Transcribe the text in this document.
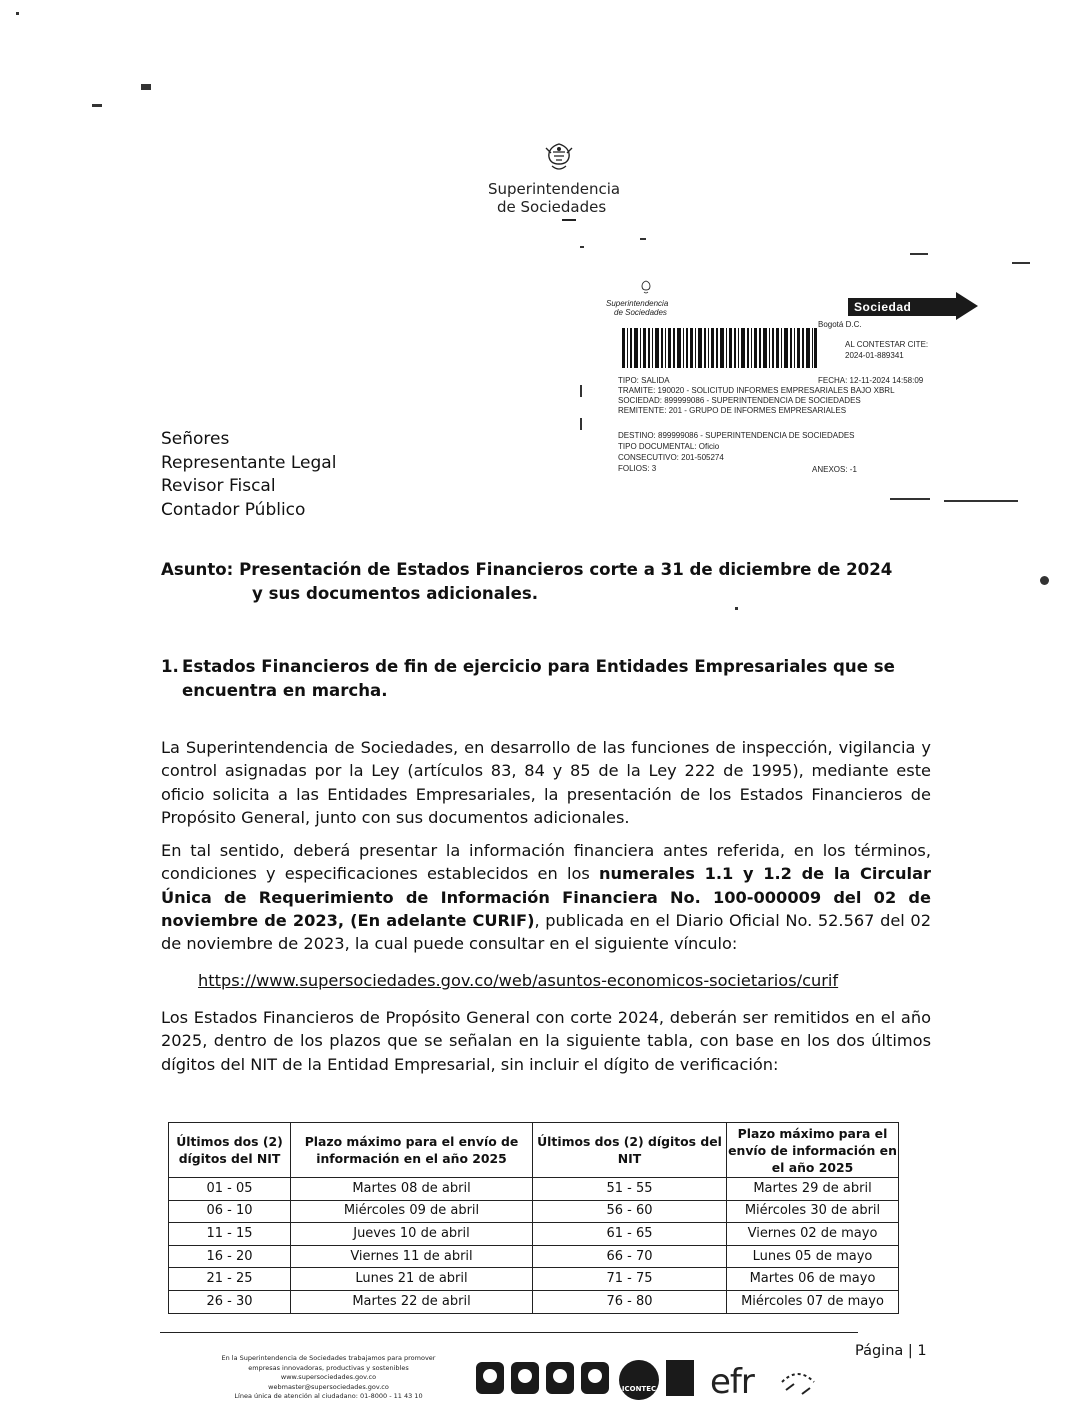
Superintendencia
de Sociedades
Superintendencia
de Sociedades	Sociedad SALIDA
Bogotá D.C.
AL CONTESTAR CITE:
2024-01-889341
TIPO: SALIDA	FECHA: 12-11-2024 14:58:09
TRAMITE: 190020 - SOLICITUD INFORMES EMPRESARIALES BAJO XBRL
SOCIEDAD: 899999086 - SUPERINTENDENCIA DE SOCIEDADES
REMITENTE: 201 - GRUPO DE INFORMES EMPRESARIALES
DESTINO: 899999086 - SUPERINTENDENCIA DE SOCIEDADES
TIPO DOCUMENTAL: Oficio
CONSECUTIVO: 201-505274
FOLIOS: 3	ANEXOS: -1
Señores
Representante Legal
Revisor Fiscal
Contador Público
Asunto: Presentación de Estados Financieros corte a 31 de diciembre de 2024
y sus documentos adicionales.
1. Estados Financieros de fin de ejercicio para Entidades Empresariales que se
encuentra en marcha.
La Superintendencia de Sociedades, en desarrollo de las funciones de inspección, vigilancia y control asignadas por la Ley (artículos 83, 84 y 85 de la Ley 222 de 1995), mediante este oficio solicita a las Entidades Empresariales, la presentación de los Estados Financieros de Propósito General, junto con sus documentos adicionales.
En tal sentido, deberá presentar la información financiera antes referida, en los términos, condiciones y especificaciones establecidos en los numerales 1.1 y 1.2 de la Circular Única de Requerimiento de Información Financiera No. 100-000009 del 02 de noviembre de 2023, (En adelante CURIF), publicada en el Diario Oficial No. 52.567 del 02 de noviembre de 2023, la cual puede consultar en el siguiente vínculo:
https://www.supersociedades.gov.co/web/asuntos-economicos-societarios/curif
Los Estados Financieros de Propósito General con corte 2024, deberán ser remitidos en el año 2025, dentro de los plazos que se señalan en la siguiente tabla, con base en los dos últimos dígitos del NIT de la Entidad Empresarial, sin incluir el dígito de verificación:
Últimos dos (2) dígitos del NIT	Plazo máximo para el envío de información en el año 2025	Últimos dos (2) dígitos del NIT	Plazo máximo para el envío de información en el año 2025
01 - 05	Martes 08 de abril	51 - 55	Martes 29 de abril
06 - 10	Miércoles 09 de abril	56 - 60	Miércoles 30 de abril
11 - 15	Jueves 10 de abril	61 - 65	Viernes 02 de mayo
16 - 20	Viernes 11 de abril	66 - 70	Lunes 05 de mayo
21 - 25	Lunes 21 de abril	71 - 75	Martes 06 de mayo
26 - 30	Martes 22 de abril	76 - 80	Miércoles 07 de mayo
Página | 1
En la Superintendencia de Sociedades trabajamos para promover
empresas innovadoras, productivas y sostenibles
www.supersociedades.gov.co
webmaster@supersociedades.gov.co
Línea única de atención al ciudadano: 01-8000 - 11 43 10
ICONTEC efr
